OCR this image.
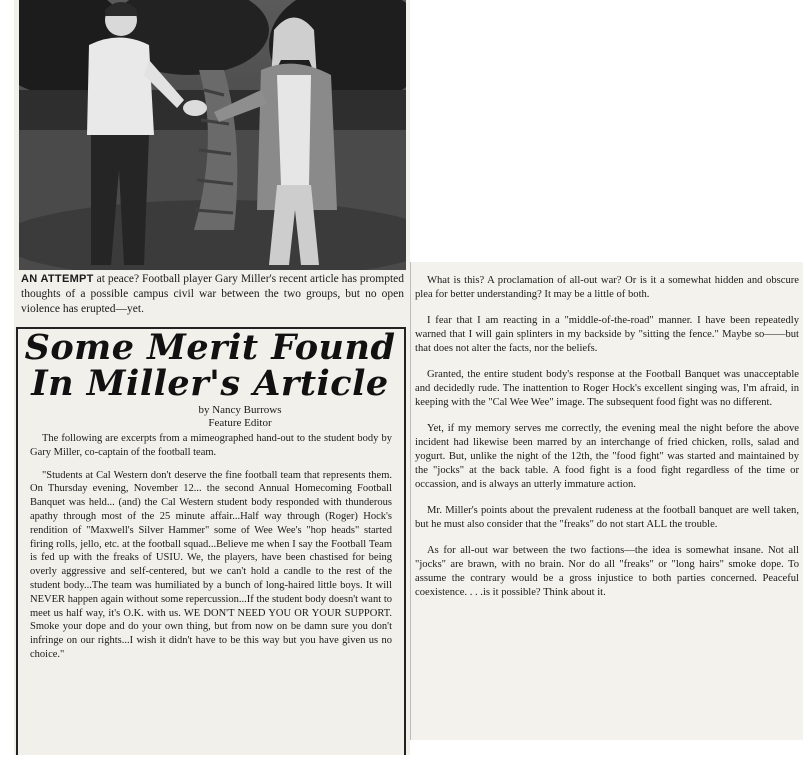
AN ATTEMPT at peace? Football player Gary Miller's recent article has prompted thoughts of a possible campus civil war between the two groups, but no open violence has erupted—yet.
Some Merit Found
In Miller's Article
by Nancy Burrows
Feature Editor

The following are excerpts from a mimeographed hand-out to the student body by Gary Miller, co-captain of the football team.

"Students at Cal Western don't deserve the fine football team that represents them. On Thursday evening, November 12... the second Annual Homecoming Football Banquet was held... (and) the Cal Western student body responded with thunderous apathy through most of the 25 minute affair...Half way through (Roger) Hock's rendition of "Maxwell's Silver Hammer" some of Wee Wee's "hop heads" started firing rolls, jello, etc. at the football squad...Believe me when I say the Football Team is fed up with the freaks of USIU. We, the players, have been chastised for being overly aggressive and self-centered, but we can't hold a candle to the rest of the student body...The team was humiliated by a bunch of long-haired little boys. It will NEVER happen again without some repercussion...If the student body doesn't want to meet us half way, it's O.K. with us. WE DON'T NEED YOU OR YOUR SUPPORT. Smoke your dope and do your own thing, but from now on be damn sure you don't infringe on our rights...I wish it didn't have to be this way but you have given us no choice."

What is this? A proclamation of all-out war? Or is it a somewhat hidden and obscure plea for better understanding? It may be a little of both.

I fear that I am reacting in a "middle-of-the-road" manner. I have been repeatedly warned that I will gain splinters in my backside by "sitting the fence." Maybe so——but that does not alter the facts, nor the beliefs.

Granted, the entire student body's response at the Football Banquet was unacceptable and decidedly rude. The inattention to Roger Hock's excellent singing was, I'm afraid, in keeping with the "Cal Wee Wee" image. The subsequent food fight was no different.

Yet, if my memory serves me correctly, the evening meal the night before the above incident had likewise been marred by an interchange of fried chicken, rolls, salad and yogurt. But, unlike the night of the 12th, the "food fight" was started and maintained by the "jocks" at the back table. A food fight is a food fight regardless of the time or occassion, and is always an utterly immature action.

Mr. Miller's points about the prevalent rudeness at the football banquet are well taken, but he must also consider that the "freaks" do not start ALL the trouble.

As for all-out war between the two factions—the idea is somewhat insane. Not all "jocks" are brawn, with no brain. Nor do all "freaks" or "long hairs" smoke dope. To assume the contrary would be a gross injustice to both parties concerned. Peaceful coexistence. . . .is it possible? Think about it.
